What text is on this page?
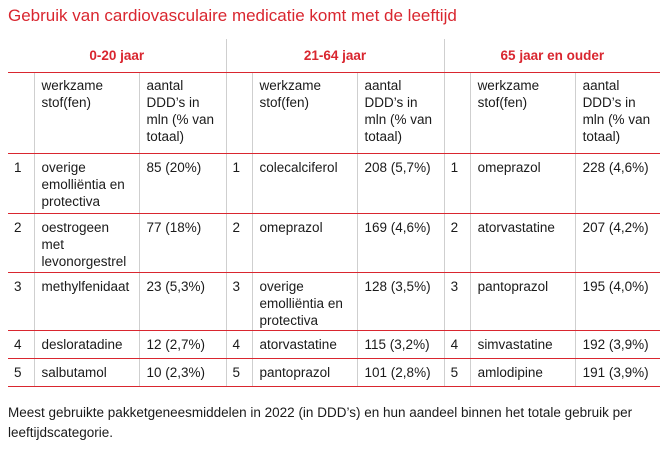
Gebruik van cardiovasculaire medicatie komt met de leeftijd
0-20 jaar			21-64 jaar			65 jaar en ouder		
	werkzame stof(fen)	aantal DDD’s in mln (% van totaal)		werkzame stof(fen)	aantal DDD’s in mln (% van totaal)		werkzame stof(fen)	aantal DDD’s in mln (% van totaal)
1	overige emolliëntia en protectiva	85 (20%)	1	colecalciferol	208 (5,7%)	1	omeprazol	228 (4,6%)
2	oestrogeen met levonorgestrel	77 (18%)	2	omeprazol	169 (4,6%)	2	atorvastatine	207 (4,2%)
3	methylfenidaat	23 (5,3%)	3	overige emolliëntia en protectiva	128 (3,5%)	3	pantoprazol	195 (4,0%)
4	desloratadine	12 (2,7%)	4	atorvastatine	115 (3,2%)	4	simvastatine	192 (3,9%)
5	salbutamol	10 (2,3%)	5	pantoprazol	101 (2,8%)	5	amlodipine	191 (3,9%)
Meest gebruikte pakketgeneesmiddelen in 2022 (in DDD’s) en hun aandeel binnen het totale gebruik per leeftijdscategorie.
